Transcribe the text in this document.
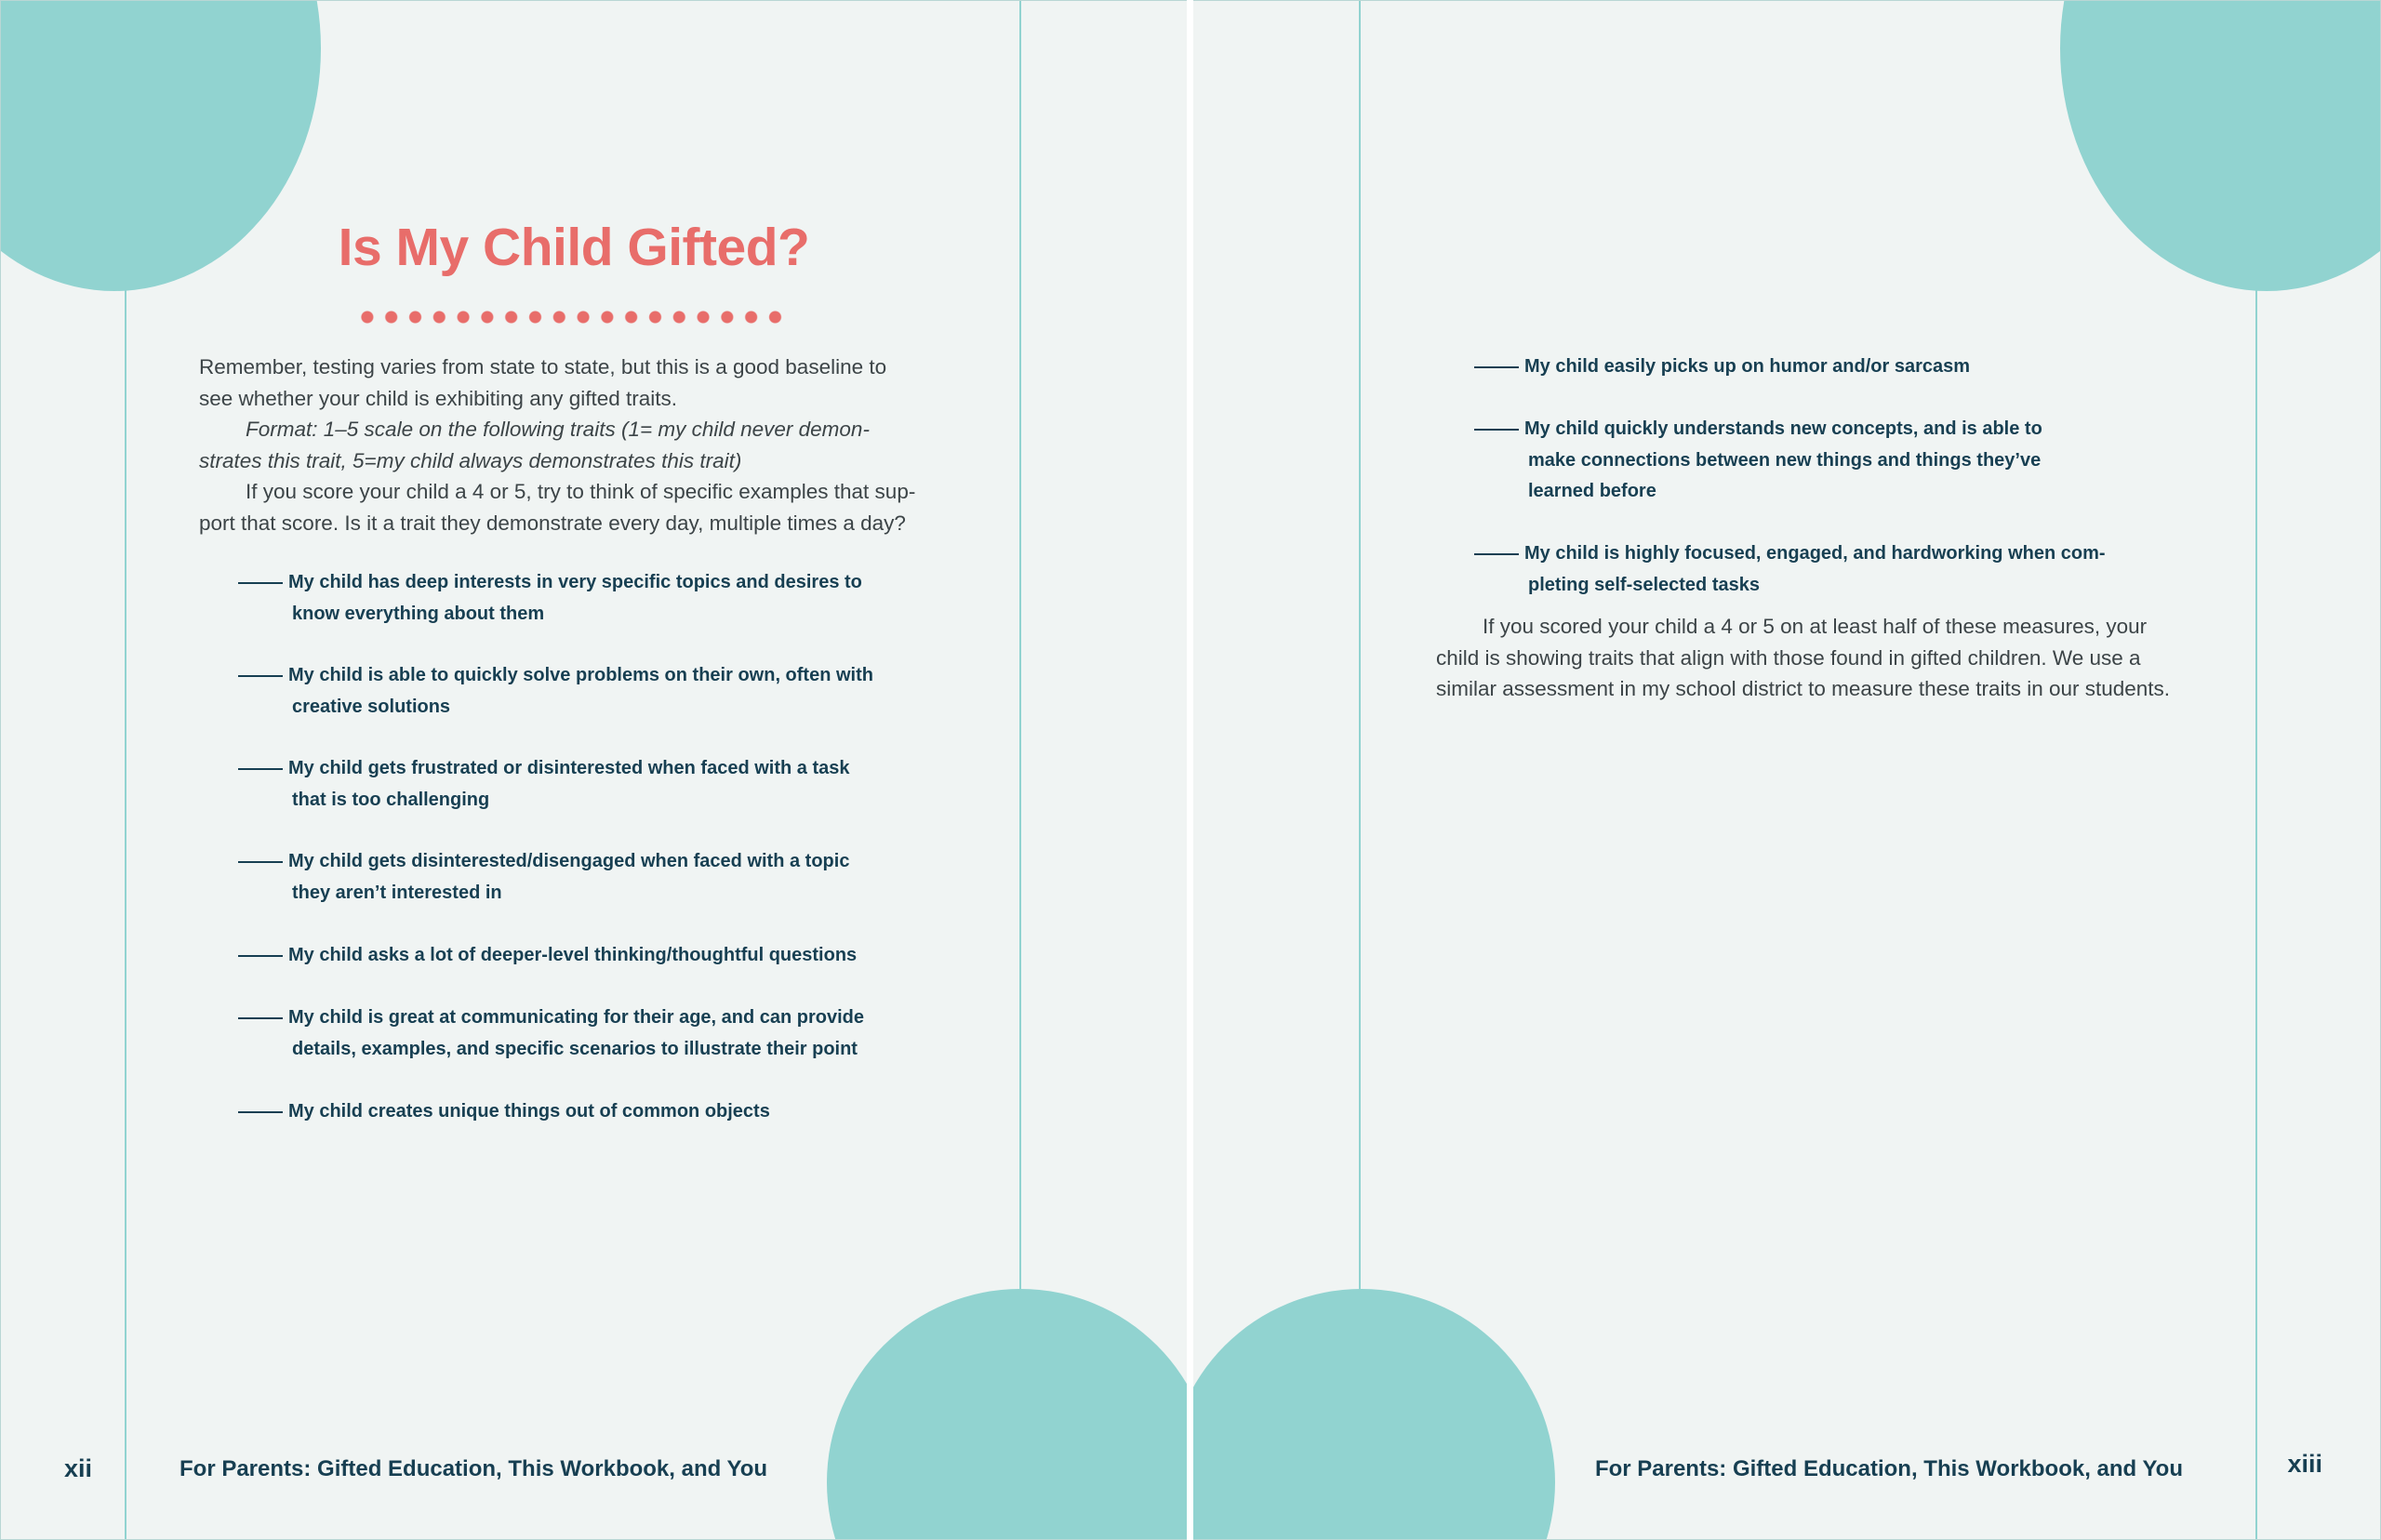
Is My Child Gifted?

Remember, testing varies from state to state, but this is a good baseline to

see whether your child is exhibiting any gifted traits.

Format: 1–5 scale on the following traits (1= my child never demon-

strates this trait, 5=my child always demonstrates this trait)

If you score your child a 4 or 5, try to think of specific examples that sup-

port that score. Is it a trait they demonstrate every day, multiple times a day?

My child has deep interests in very specific topics and desires to
know everything about them
My child is able to quickly solve problems on their own, often with
creative solutions
My child gets frustrated or disinterested when faced with a task
that is too challenging
My child gets disinterested/disengaged when faced with a topic
they aren’t interested in
My child asks a lot of deeper-level thinking/thoughtful questions
My child is great at communicating for their age, and can provide
details, examples, and specific scenarios to illustrate their point
My child creates unique things out of common objects
xii	For Parents: Gifted Education, This Workbook, and You
My child easily picks up on humor and/or sarcasm
My child quickly understands new concepts, and is able to
make connections between new things and things they’ve
learned before
My child is highly focused, engaged, and hardworking when com-
pleting self-selected tasks

If you scored your child a 4 or 5 on at least half of these measures, your

child is showing traits that align with those found in gifted children. We use a

similar assessment in my school district to measure these traits in our students.

For Parents: Gifted Education, This Workbook, and You	xiii
